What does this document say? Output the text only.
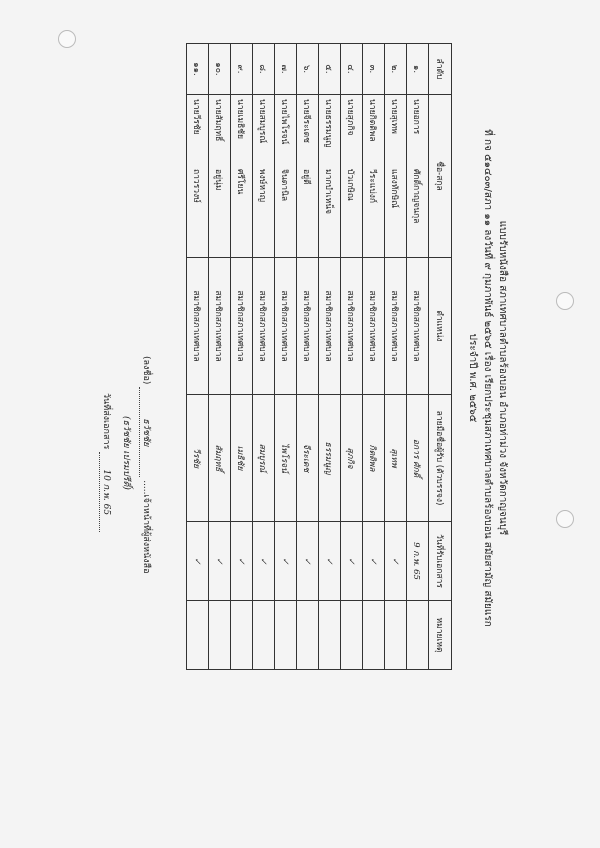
แบบรับหนังสือ สภาเทศบาลตำบลร้องบอน อำเภอท่าม่วง จังหวัดกาญจนบุรี
ที่ กจ ๕๑๔๐๓/สภา ๑๑ ลงวันที่ ๙ กุมภาพันธ์ ๒๕๖๕ เรื่อง เรียกประชุมสภาเทศบาลตำบลร้องบอน สมัยสามัญ สมัยแรก
ประจำปี พ.ศ. ๒๕๖๕
ลำดับ	ชื่อ-สกุล	ตำแหน่ง	ลายมือชื่อผู้รับ (ตัวบรรจง)	วันที่รับเอกสาร	หมายเหตุ
๑.	นายอการศักดิ์กาญจนกุล	สมาชิกสภาเทศบาล	อการ ศักดิ์	9 ก.พ. 65	
๒.	นายสุเทพแสงทักษิณ์	สมาชิกสภาเทศบาล	สุเทพ	✓	
๓.	นายกิตติพลวีระแบ่งก์	สมาชิกสภาเทศบาล	กิตติพล	✓	
๔.	นายสุภกิจบัวเกษิณ	สมาชิกสภาเทศบาล	สุภกิจ	✓	
๕.	นายธรรมนูญมากบำเหน็จ	สมาชิกสภาเทศบาล	ธรรมนูญ	✓	
๖.	นายจีระเดชอยู่ดี	สมาชิกสภาเทศบาล	จีระเดช	✓	
๗.	นายไพโรจน์จินดานิล	สมาชิกสภาเทศบาล	ไพโรจน์	✓	
๘.	นายสมบูรณ์พงษ์หาญ	สมาชิกสภาเทศบาล	สมบูรณ์	✓	
๙.	นายเมธิชัยศรีโยน	สมาชิกสภาเทศบาล	เมธิชัย	✓	
๑๐.	นายสัมฤทธิ์อยู่นุ่ม	สมาชิกสภาเทศบาล	สัมฤทธิ์	✓	
๑๑.	นายวีรชัยถาวรวงษ์	สมาชิกสภาเทศบาล	วีรชัย	✓	
(ลงชื่อ) ธวัชชัย .....เจ้าหน้าที่ผู้ส่งหนังสือ
(ธวัชชัย เปรมปรีดิ์)
วันที่ส่งเอกสาร 10 ก.พ. 65
